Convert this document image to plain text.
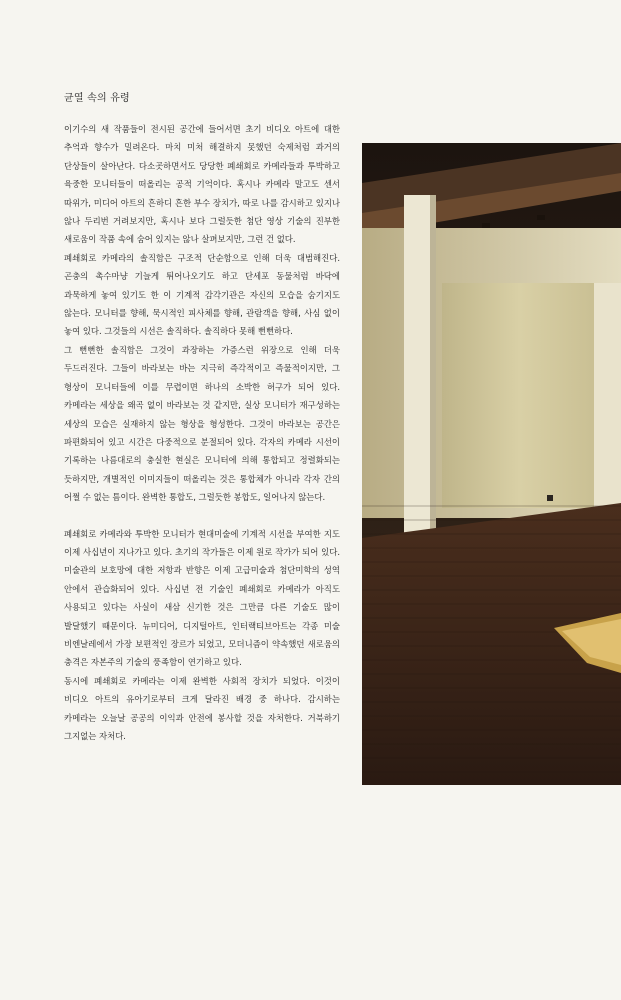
균열 속의 유령

이기수의 새 작품들이 전시된 공간에 들어서면 초기 비디오 아트에 대한 추억과 향수가 밀려온다. 마치 미처 해결하지 못했던 숙제처럼 과거의 단상들이 살아난다. 다소곳하면서도 당당한 폐쇄회로 카메라들과 투박하고 육중한 모니터들이 떠올리는 공적 기억이다. 혹시나 카메라 말고도 센서 따위가, 미디어 아트의 흔하디 흔한 부수 장치가, 따로 나를 감시하고 있지나 않나 두리번 거려보지만, 혹시나 보다 그럴듯한 첨단 영상 기술의 진부한 새로움이 작품 속에 숨어 있지는 않나 살펴보지만, 그런 건 없다.

폐쇄회로 카메라의 솔직함은 구조적 단순함으로 인해 더욱 대범해진다. 곤충의 촉수마냥 기늘게 튀어나오기도 하고 단세포 동물처럼 바닥에 과묵하게 놓여 있기도 한 이 기계적 감각기관은 자신의 모습을 숨기지도 않는다. 모니터를 향해, 묵시적인 피사체를 향해, 관람객을 향해, 사심 없이 놓여 있다. 그것들의 시선은 솔직하다. 솔직하다 못해 뻔뻔하다.

그 뻔뻔한 솔직함은 그것이 과장하는 가증스런 위장으로 인해 더욱 두드러진다. 그들이 바라보는 바는 지극히 즉각적이고 즉물적이지만, 그 형상이 모니터들에 이를 무렵이면 하나의 소박한 허구가 되어 있다. 카메라는 세상을 왜곡 없이 바라보는 것 같지만, 실상 모니터가 재구성하는 세상의 모습은 실재하지 않는 형상을 형성한다. 그것이 바라보는 공간은 파편화되어 있고 시간은 다중적으로 분절되어 있다. 각자의 카메라 시선이 기록하는 나름대로의 충실한 현실은 모니터에 의해 통합되고 정렬화되는 듯하지만, 개별적인 이미지들이 떠올리는 것은 통합체가 아니라 각자 간의 어쩔 수 없는 틈이다. 완벽한 통합도, 그럴듯한 봉합도, 일어나지 않는다.

폐쇄회로 카메라와 투박한 모니터가 현대미술에 기계적 시선을 부여한 지도 이제 사십년이 지나가고 있다. 초기의 작가들은 이제 원로 작가가 되어 있다. 미술관의 보호망에 대한 저항과 반향은 이제 고급미술과 첨단미학의 성역 안에서 관습화되어 있다. 사십년 전 기술인 폐쇄회로 카메라가 아직도 사용되고 있다는 사실이 새삼 신기한 것은 그만큼 다른 기술도 많이 발달했기 때문이다. 뉴미디어, 디지털아트, 인터랙티브아트는 각종 미술 비엔날레에서 가장 보편적인 장르가 되었고, 모더니즘이 약속했던 새로움의 충격은 자본주의 기술의 풍족함이 연기하고 있다.

동시에 폐쇄회로 카메라는 이제 완벽한 사회적 장치가 되었다. 이것이 비디오 아트의 유아기로부터 크게 달라진 배경 중 하나다. 감시하는 카메라는 오늘날 공공의 이익과 안전에 봉사할 것을 자처한다. 거북하기 그지없는 자처다.
